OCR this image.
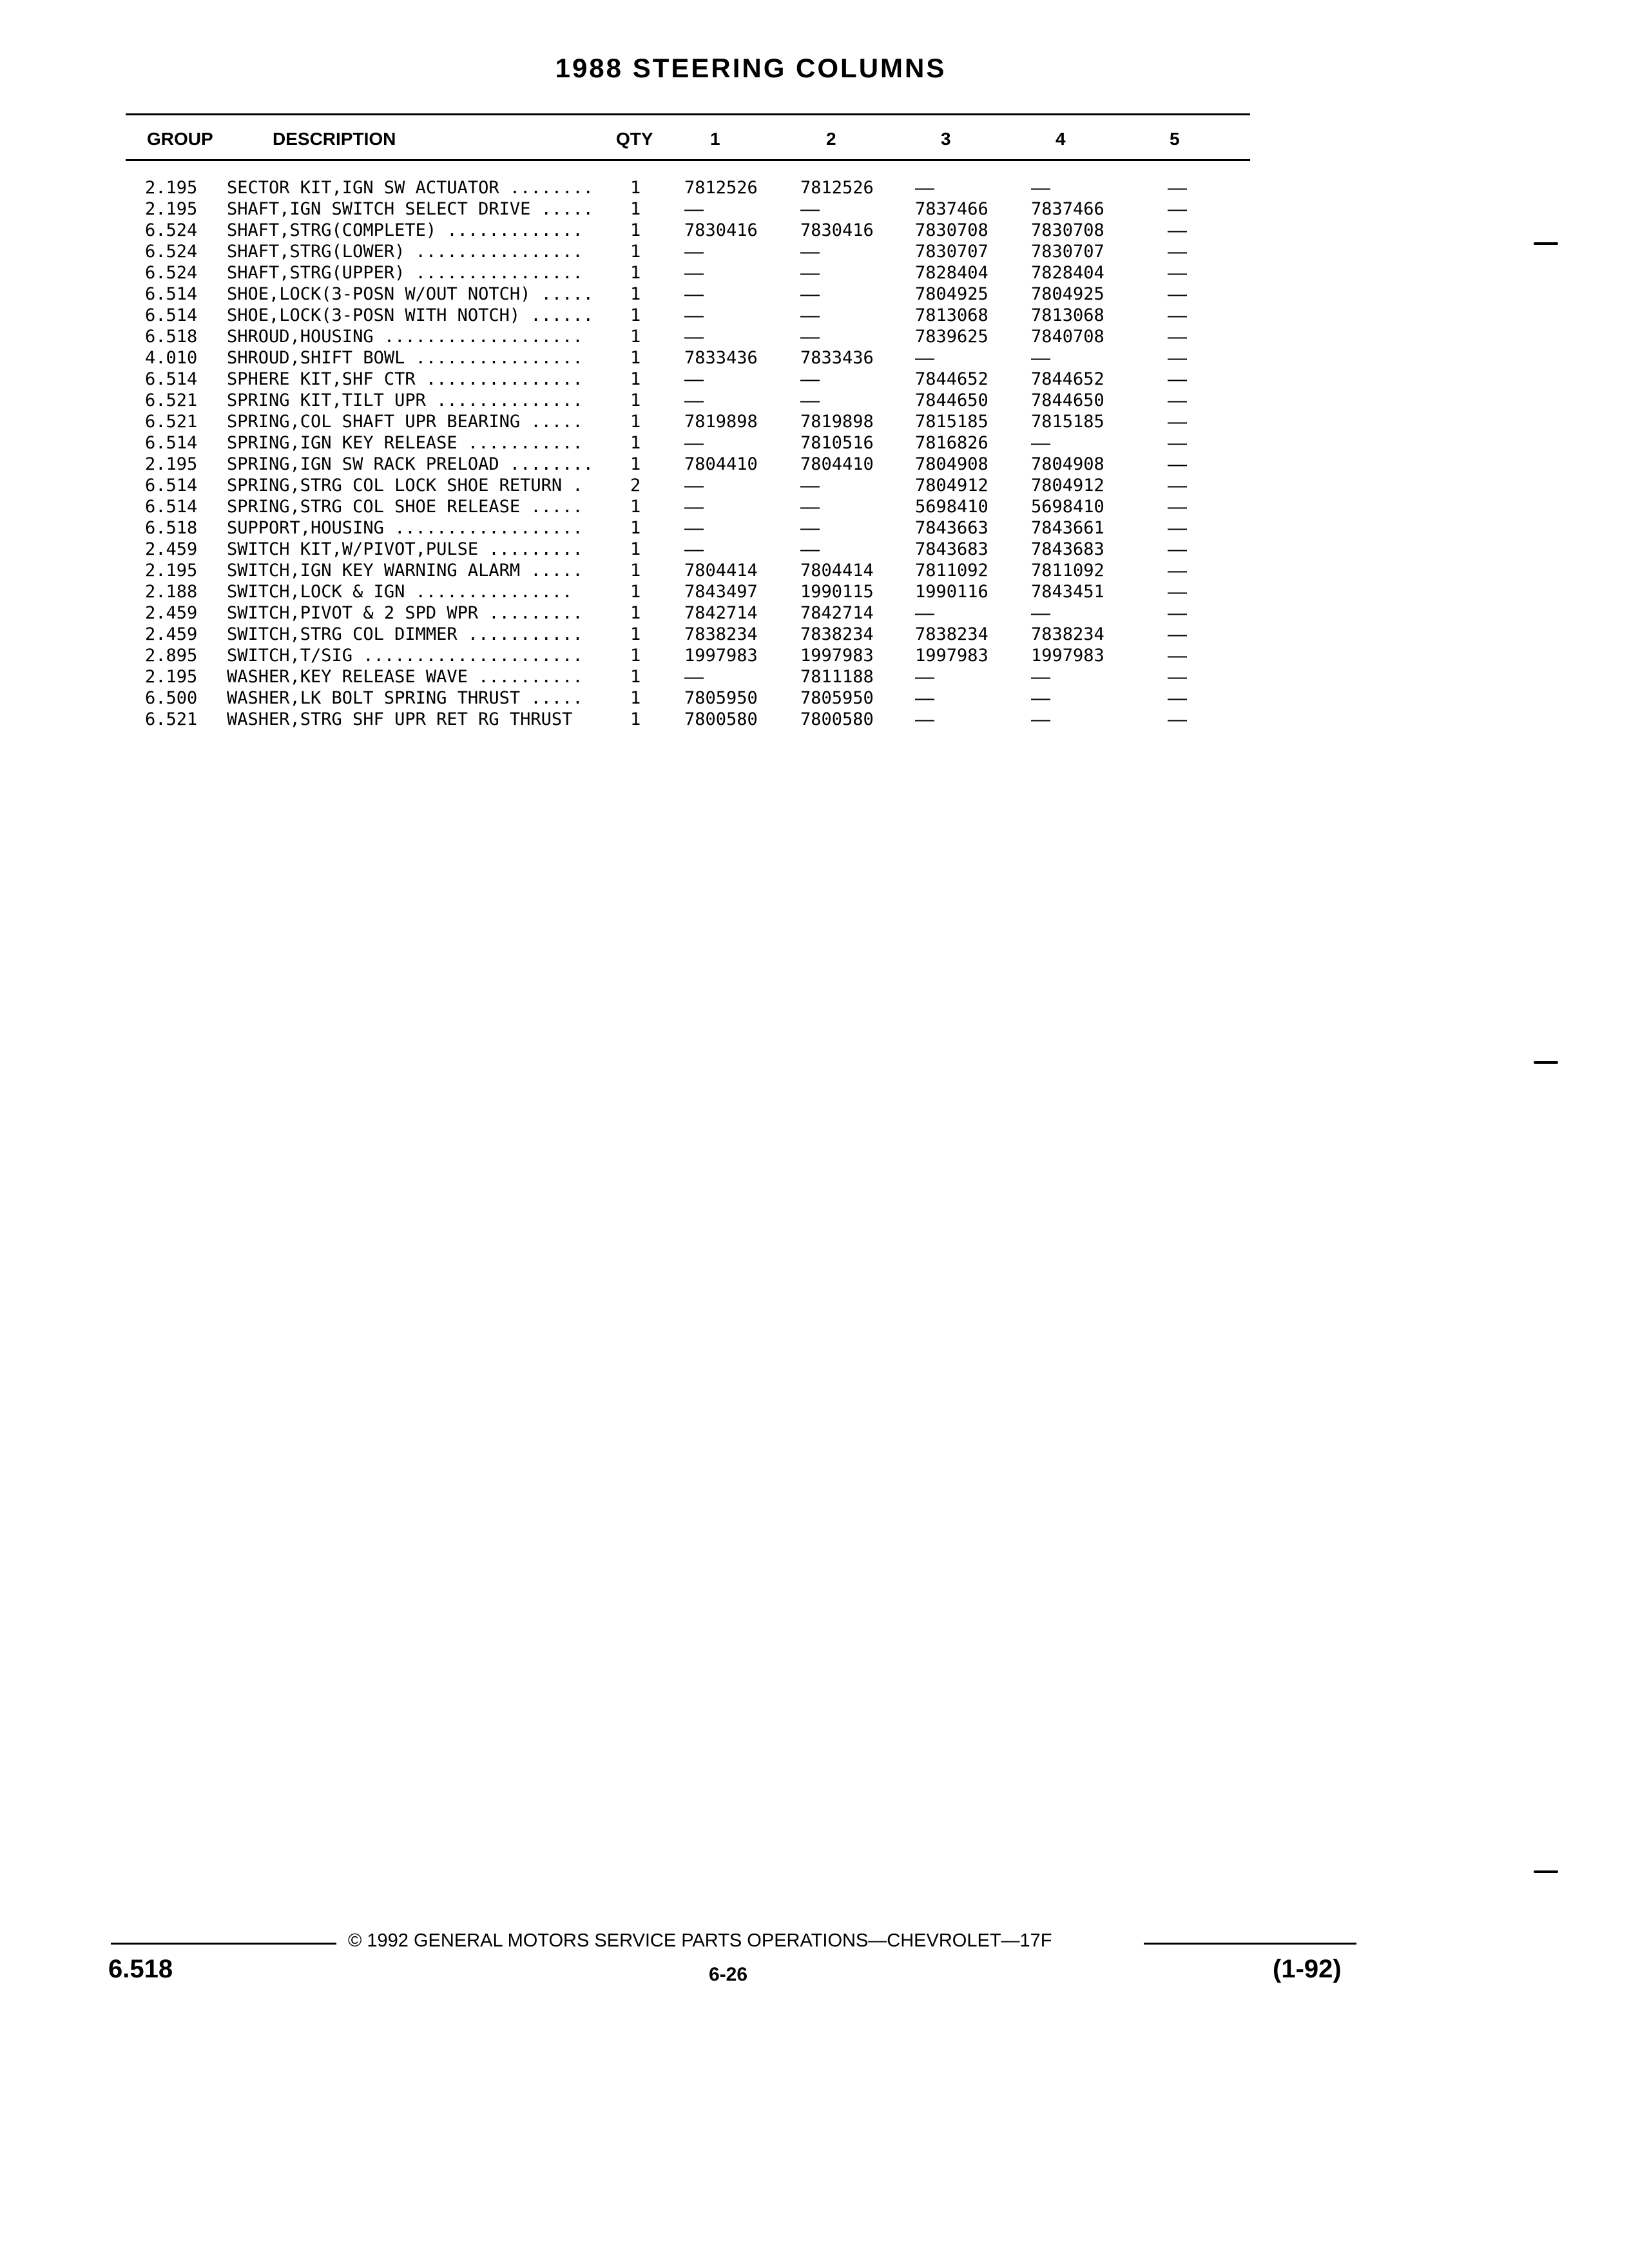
1988 STEERING COLUMNS
GROUP	DESCRIPTION	QTY	1	2	3	4	5
2.195 SECTOR KIT,IGN SW ACTUATOR ........	1	7812526 7812526 —	—	—
2.195 SHAFT,IGN SWITCH SELECT DRIVE .....	1 —	—	7837466 7837466	—
6.524 SHAFT,STRG(COMPLETE) .............	1	7830416 7830416 7830708 7830708	—
6.524 SHAFT,STRG(LOWER) ................	1 —	—	7830707 7830707	—
6.524 SHAFT,STRG(UPPER) ................	1 —	—	7828404 7828404	—
6.514 SHOE,LOCK(3-POSN W/OUT NOTCH) .....	1 —	—	7804925 7804925	—
6.514 SHOE,LOCK(3-POSN WITH NOTCH) ......	1 —	—	7813068 7813068	—
6.518 SHROUD,HOUSING ...................	1 —	—	7839625 7840708	—
4.010 SHROUD,SHIFT BOWL ................	1	7833436 7833436 —	—	—
6.514 SPHERE KIT,SHF CTR ...............	1 —	—	7844652 7844652	—
6.521 SPRING KIT,TILT UPR ..............	1 —	—	7844650 7844650	—
6.521 SPRING,COL SHAFT UPR BEARING .....	1	7819898 7819898 7815185 7815185	—
6.514 SPRING,IGN KEY RELEASE ...........	1 —	7810516 7816826 —	—
2.195 SPRING,IGN SW RACK PRELOAD ........	1	7804410 7804410 7804908 7804908	—
6.514 SPRING,STRG COL LOCK SHOE RETURN .	2 —	—	7804912 7804912	—
6.514 SPRING,STRG COL SHOE RELEASE .....	1 —	—	5698410 5698410	—
6.518 SUPPORT,HOUSING ..................	1 —	—	7843663 7843661	—
2.459 SWITCH KIT,W/PIVOT,PULSE .........	1 —	—	7843683 7843683	—
2.195 SWITCH,IGN KEY WARNING ALARM .....	1	7804414 7804414 7811092 7811092	—
2.188 SWITCH,LOCK & IGN ...............	1	7843497 1990115 1990116 7843451	—
2.459 SWITCH,PIVOT & 2 SPD WPR .........	1	7842714 7842714 —	—	—
2.459 SWITCH,STRG COL DIMMER ...........	1	7838234 7838234 7838234 7838234	—
2.895 SWITCH,T/SIG .....................	1	1997983 1997983 1997983 1997983	—
2.195 WASHER,KEY RELEASE WAVE ..........	1 —	7811188 —	—	—
6.500 WASHER,LK BOLT SPRING THRUST .....	1	7805950 7805950 —	—	—
6.521 WASHER,STRG SHF UPR RET RG THRUST	1	7800580 7800580 —	—	—
© 1992 GENERAL MOTORS SERVICE PARTS OPERATIONS—CHEVROLET—17F
6.518	6-26	(1-92)
